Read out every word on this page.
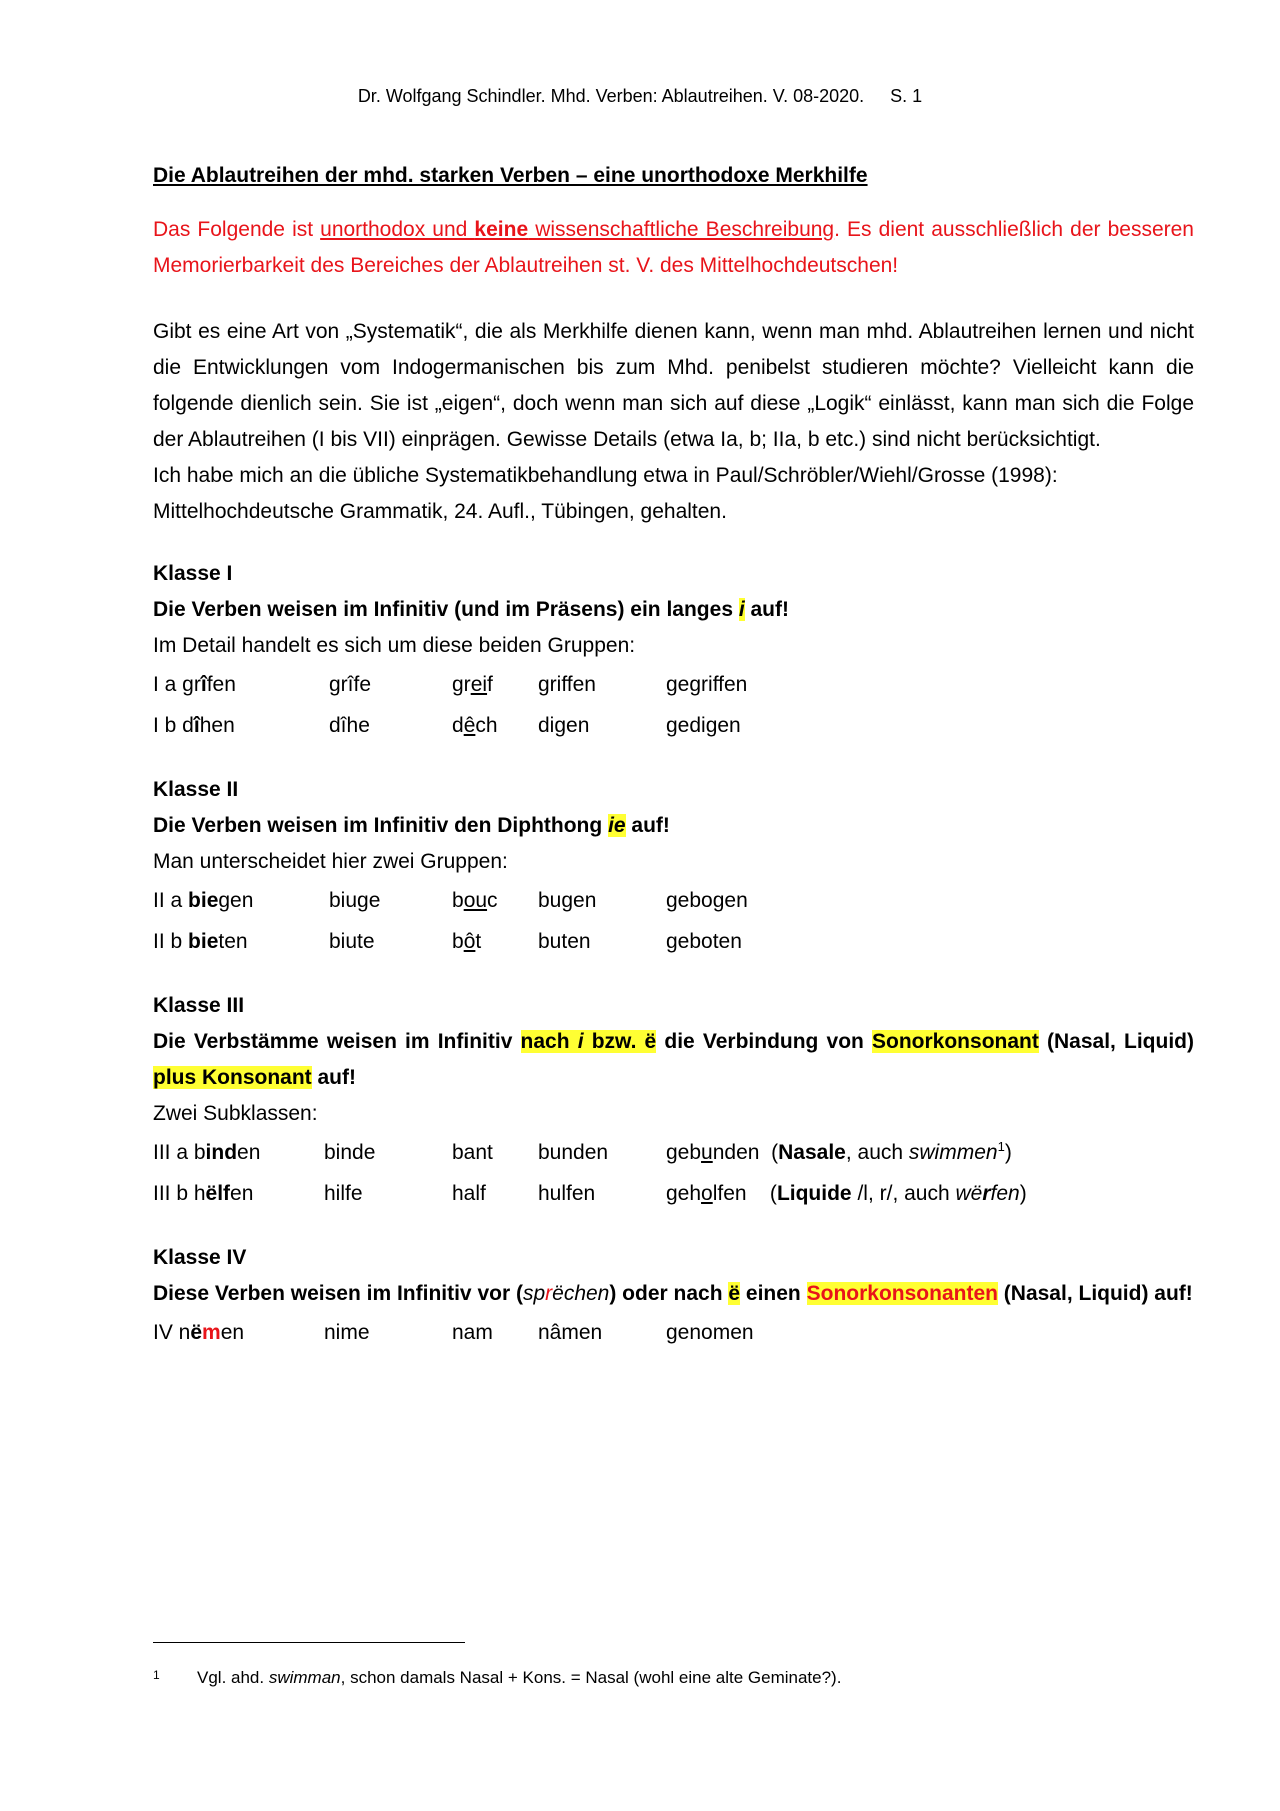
Dr. Wolfgang Schindler. Mhd. Verben: Ablautreihen. V. 08-2020. S. 1
Die Ablautreihen der mhd. starken Verben – eine unorthodoxe Merkhilfe

Das Folgende ist unorthodox und keine wissenschaftliche Beschreibung. Es dient ausschließlich der besseren Memorierbarkeit des Bereiches der Ablautreihen st. V. des Mittelhochdeutschen!

Gibt es eine Art von „Systematik“, die als Merkhilfe dienen kann, wenn man mhd. Ablautreihen lernen und nicht die Entwicklungen vom Indogermanischen bis zum Mhd. penibelst studieren möchte? Vielleicht kann die folgende dienlich sein. Sie ist „eigen“, doch wenn man sich auf diese „Logik“ einlässt, kann man sich die Folge der Ablautreihen (I bis VII) einprägen. Gewisse Details (etwa Ia, b; IIa, b etc.) sind nicht berücksichtigt.

Ich habe mich an die übliche Systematikbehandlung etwa in Paul/Schröbler/Wiehl/Grosse (1998): Mittelhochdeutsche Grammatik, 24. Aufl., Tübingen, gehalten.

Klasse I
Die Verben weisen im Infinitiv (und im Präsens) ein langes i auf!
Im Detail handelt es sich um diese beiden Gruppen:
I a grîfen	grîfe	greif	griffen	gegriffen
I b dîhen	dîhe	dêch	digen	gedigen
Klasse II
Die Verben weisen im Infinitiv den Diphthong ie auf!
Man unterscheidet hier zwei Gruppen:
II a biegen	biuge	bouc	bugen	gebogen
II b bieten	biute	bôt	buten	geboten
Klasse III

Die Verbstämme weisen im Infinitiv nach i bzw. ë die Verbindung von Sonorkonsonant (Nasal, Liquid) plus Konsonant auf!

Zwei Subklassen:
III a binden	binde	bant	bunden	gebunden  (Nasale, auch swimmen$^1$)
III b hëlfen	hilfe	half	hulfen	geholfen    (Liquide /l, r/, auch wërfen)
Klasse IV

Diese Verben weisen im Infinitiv vor (sprëchen) oder nach ë einen Sonorkonsonanten (Nasal, Liquid) auf!

IV nëmen	nime	nam	nâmen	genomen
1 Vgl. ahd. swimman, schon damals Nasal + Kons. = Nasal (wohl eine alte Geminate?).
